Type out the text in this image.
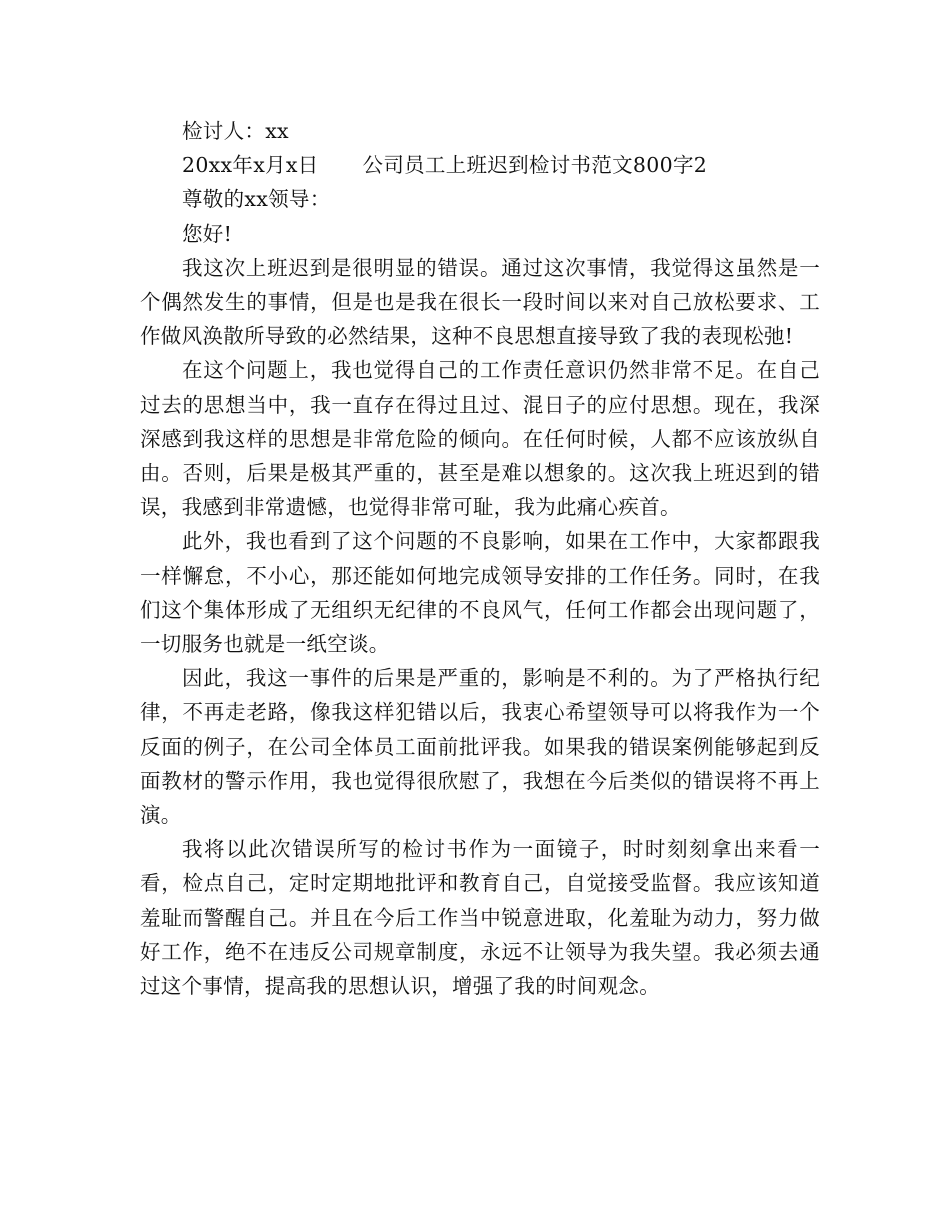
检讨人：xx
20xx年x月x日 公司员工上班迟到检讨书范文800字2
尊敬的xx领导：
您好!

我这次上班迟到是很明显的错误。通过这次事情，我觉得这虽然是一个偶然发生的事情，但是也是我在很长一段时间以来对自己放松要求、工作做风涣散所导致的必然结果，这种不良思想直接导致了我的表现松弛!

在这个问题上，我也觉得自己的工作责任意识仍然非常不足。在自己过去的思想当中，我一直存在得过且过、混日子的应付思想。现在，我深深感到我这样的思想是非常危险的倾向。在任何时候，人都不应该放纵自由。否则，后果是极其严重的，甚至是难以想象的。这次我上班迟到的错误，我感到非常遗憾，也觉得非常可耻，我为此痛心疾首。

此外，我也看到了这个问题的不良影响，如果在工作中，大家都跟我一样懈怠，不小心，那还能如何地完成领导安排的工作任务。同时，在我们这个集体形成了无组织无纪律的不良风气，任何工作都会出现问题了，一切服务也就是一纸空谈。

因此，我这一事件的后果是严重的，影响是不利的。为了严格执行纪律，不再走老路，像我这样犯错以后，我衷心希望领导可以将我作为一个反面的例子，在公司全体员工面前批评我。如果我的错误案例能够起到反面教材的警示作用，我也觉得很欣慰了，我想在今后类似的错误将不再上演。

我将以此次错误所写的检讨书作为一面镜子，时时刻刻拿出来看一看，检点自己，定时定期地批评和教育自己，自觉接受监督。我应该知道羞耻而警醒自己。并且在今后工作当中锐意进取，化羞耻为动力，努力做好工作，绝不在违反公司规章制度，永远不让领导为我失望。我必须去通过这个事情，提高我的思想认识，增强了我的时间观念。
